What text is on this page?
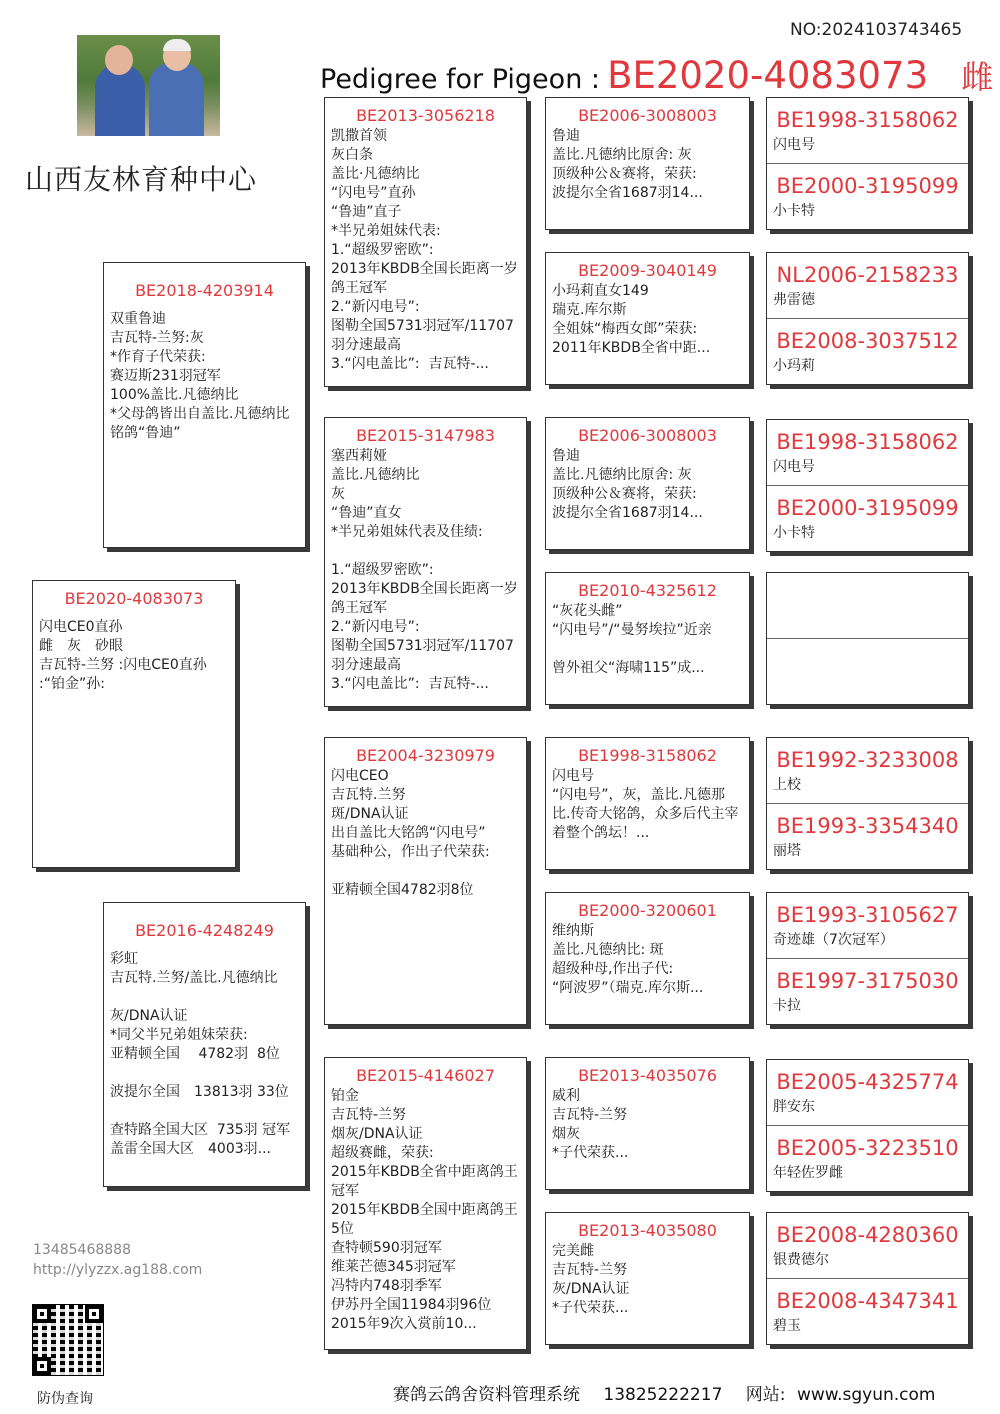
NO:2024103743465
山西友林育种中心
Pedigree for Pigeon : BE2020-4083073 雌
BE2020-4083073
闪电CE0直孙
雌　灰　砂眼
吉瓦特-兰努 :闪电CE0直孙
:“铂金”孙:
BE2018-4203914
双重鲁迪
吉瓦特-兰努:灰
*作育子代荣获:
赛迈斯231羽冠军
100%盖比.凡德纳比
*父母鸽皆出自盖比.凡德纳比铭鸽“鲁迪”
BE2016-4248249
彩虹
吉瓦特.兰努/盖比.凡德纳比

灰/DNA认证
*同父半兄弟姐妹荣获:
亚精顿全国　 4782羽  8位

波提尔全国　13813羽 33位

查特路全国大区  735羽 冠军
盖雷全国大区　4003羽...
BE2013-3056218
凯撒首领
灰白条
盖比·凡德纳比
“闪电号”直孙
“鲁迪”直子
*半兄弟姐妹代表:
1.“超级罗密欧”:
2013年KBDB全国长距离一岁鸽王冠军
2.“新闪电号”:
图勒全国5731羽冠军/11707羽分速最高
3.“闪电盖比”:  吉瓦特-...
BE2015-3147983
塞西莉娅
盖比.凡德纳比
灰
“鲁迪”直女
*半兄弟姐妹代表及佳绩:

1.“超级罗密欧”:
2013年KBDB全国长距离一岁鸽王冠军
2.“新闪电号”:
图勒全国5731羽冠军/11707羽分速最高
3.“闪电盖比”:  吉瓦特-...
BE2004-3230979
闪电CEO
吉瓦特.兰努
斑/DNA认证
出自盖比大铭鸽“闪电号”
基础种公，作出子代荣获:

亚精顿全国4782羽8位
BE2015-4146027
铂金
吉瓦特-兰努
烟灰/DNA认证
超级赛雌，荣获:
2015年KBDB全省中距离鸽王冠军
2015年KBDB全国中距离鸽王5位
查特顿590羽冠军
维莱芒德345羽冠军
冯特内748羽季军
伊苏丹全国11984羽96位
2015年9次入赏前10...
BE2006-3008003
鲁迪
盖比.凡德纳比原舍: 灰
顶级种公＆赛将，荣获:
波提尔全省1687羽14...
BE2009-3040149
小玛莉直女149
瑞克.库尔斯
全姐妹“梅西女郎”荣获:
2011年KBDB全省中距...
BE2006-3008003
鲁迪
盖比.凡德纳比原舍: 灰
顶级种公＆赛将，荣获:
波提尔全省1687羽14...
BE2010-4325612
“灰花头雌”
“闪电号”/“曼努埃拉”近亲

曾外祖父“海啸115”成...
BE1998-3158062
闪电号
“闪电号”，灰，盖比.凡德那比.传奇大铭鸽，众多后代主宰着整个鸽坛！...
BE2000-3200601
维纳斯
盖比.凡德纳比: 斑
超级种母,作出子代:
“阿波罗”（瑞克.库尔斯...
BE2013-4035076
威利
吉瓦特-兰努
烟灰
*子代荣获...
BE2013-4035080
完美雌
吉瓦特-兰努
灰/DNA认证
*子代荣获...
BE1998-3158062
闪电号
BE2000-3195099
小卡特
NL2006-2158233
弗雷德
BE2008-3037512
小玛莉
BE1998-3158062
闪电号
BE2000-3195099
小卡特
BE1992-3233008
上校
BE1993-3354340
丽塔
BE1993-3105627
奇迹雄（7次冠军）
BE1997-3175030
卡拉
BE2005-4325774
胖安东
BE2005-3223510
年轻佐罗雌
BE2008-4280360
银费德尔
BE2008-4347341
碧玉
13485468888
http://ylyzzx.ag188.com
防伪查询	赛鸽云鸽舍资料管理系统 13825222217 网站: www.sgyun.com
